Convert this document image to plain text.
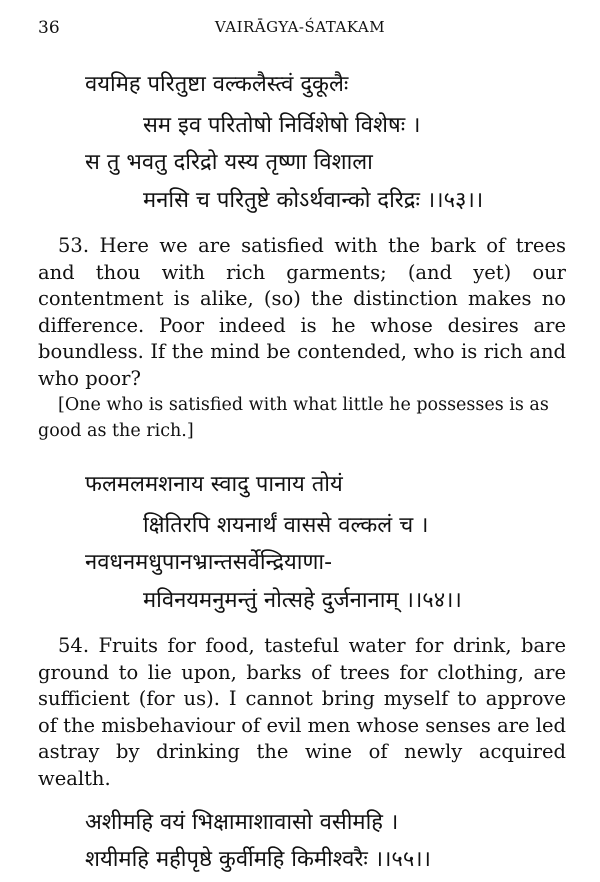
36	VAIRĀGYA-ŚATAKAM
वयमिह परितुष्टा वल्कलैस्त्वं दुकूलैः
सम इव परितोषो निर्विशेषो विशेषः ।
स तु भवतु दरिद्रो यस्य तृष्णा विशाला
मनसि च परितुष्टे कोऽर्थवान्को दरिद्रः ।।५३।।

53. Here we are satisfied with the bark of trees and thou with rich garments; (and yet) our contentment is alike, (so) the distinction makes no difference. Poor indeed is he whose desires are boundless. If the mind be contended, who is rich and who poor?

[One who is satisfied with what little he possesses is as good as the rich.]

फलमलमशनाय स्वादु पानाय तोयं
क्षितिरपि शयनार्थं वाससे वल्कलं च ।
नवधनमधुपानभ्रान्तसर्वेन्द्रियाणा-
मविनयमनुमन्तुं नोत्सहे दुर्जनानाम् ।।५४।।

54. Fruits for food, tasteful water for drink, bare ground to lie upon, barks of trees for clothing, are sufficient (for us). I cannot bring myself to approve of the misbehaviour of evil men whose senses are led astray by drinking the wine of newly acquired wealth.

अशीमहि वयं भिक्षामाशावासो वसीमहि ।
शयीमहि महीपृष्ठे कुर्वीमहि किमीश्वरैः ।।५५।।
